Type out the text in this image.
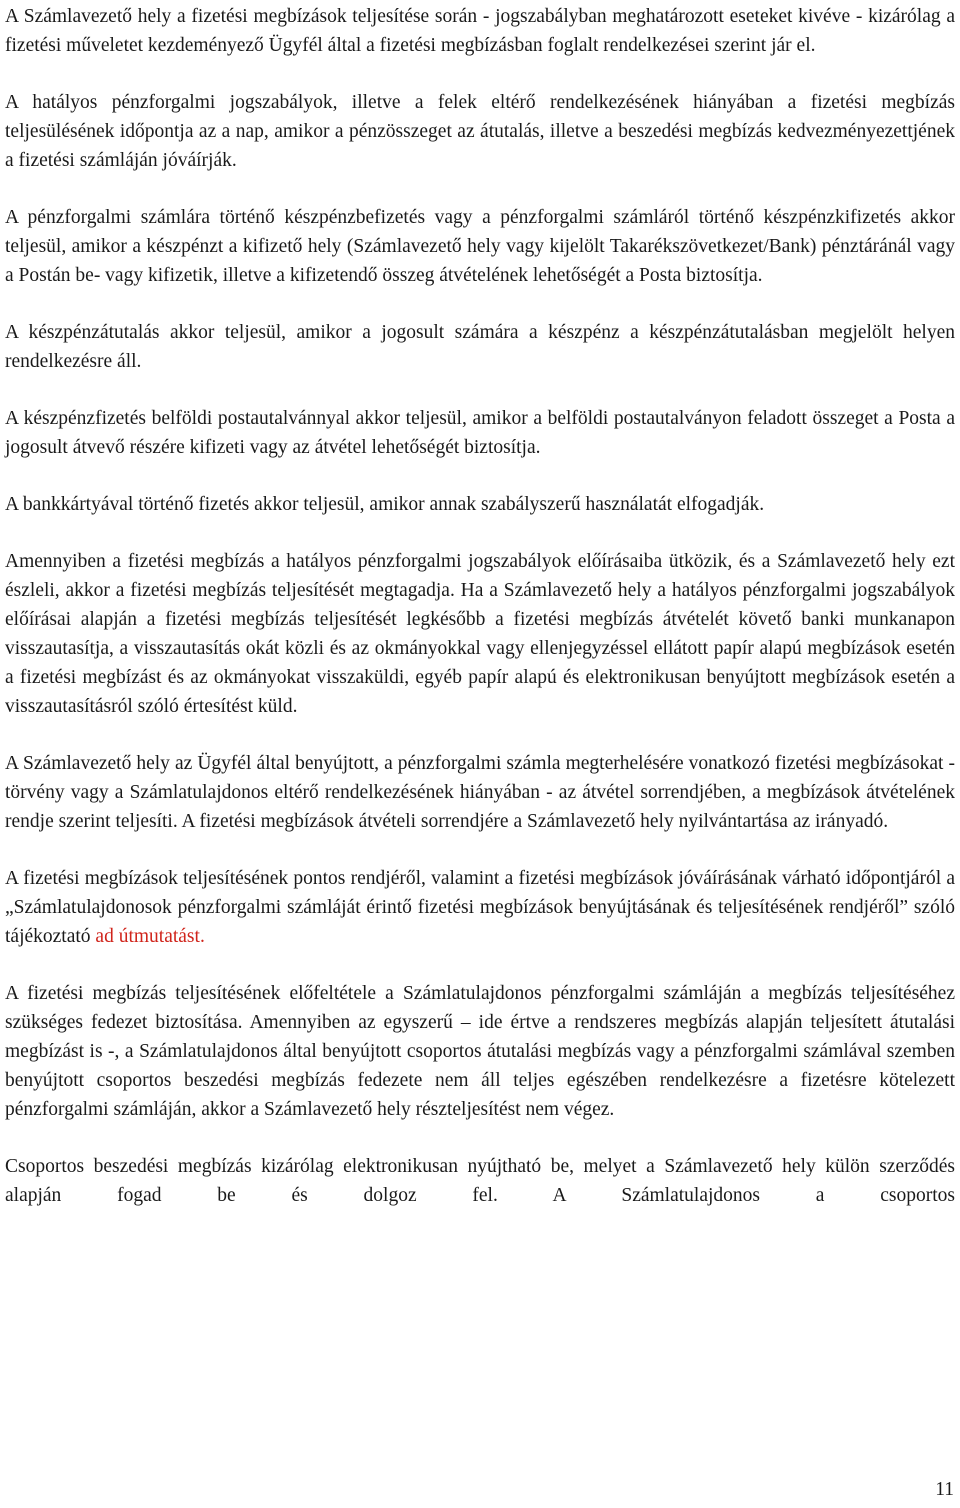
A Számlavezető hely a fizetési megbízások teljesítése során - jogszabályban meghatározott eseteket kivéve - kizárólag a fizetési műveletet kezdeményező Ügyfél által a fizetési megbízásban foglalt rendelkezései szerint jár el.

A hatályos pénzforgalmi jogszabályok, illetve a felek eltérő rendelkezésének hiányában a fizetési megbízás teljesülésének időpontja az a nap, amikor a pénzösszeget az átutalás, illetve a beszedési megbízás kedvezményezettjének a fizetési számláján jóváírják.

A pénzforgalmi számlára történő készpénzbefizetés vagy a pénzforgalmi számláról történő készpénzkifizetés akkor teljesül, amikor a készpénzt a kifizető hely (Számlavezető hely vagy kijelölt Takarékszövetkezet/Bank) pénztáránál vagy a Postán be- vagy kifizetik, illetve a kifizetendő összeg átvételének lehetőségét a Posta biztosítja.

A készpénzátutalás akkor teljesül, amikor a jogosult számára a készpénz a készpénzátutalásban megjelölt helyen rendelkezésre áll.

A készpénzfizetés belföldi postautalvánnyal akkor teljesül, amikor a belföldi postautalványon feladott összeget a Posta a jogosult átvevő részére kifizeti vagy az átvétel lehetőségét biztosítja.

A bankkártyával történő fizetés akkor teljesül, amikor annak szabályszerű használatát elfogadják.

Amennyiben a fizetési megbízás a hatályos pénzforgalmi jogszabályok előírásaiba ütközik, és a Számlavezető hely ezt észleli, akkor a fizetési megbízás teljesítését megtagadja. Ha a Számlavezető hely a hatályos pénzforgalmi jogszabályok előírásai alapján a fizetési megbízás teljesítését legkésőbb a fizetési megbízás átvételét követő banki munkanapon visszautasítja, a visszautasítás okát közli és az okmányokkal vagy ellenjegyzéssel ellátott papír alapú megbízások esetén a fizetési megbízást és az okmányokat visszaküldi, egyéb papír alapú és elektronikusan benyújtott megbízások esetén a visszautasításról szóló értesítést küld.

A Számlavezető hely az Ügyfél által benyújtott, a pénzforgalmi számla megterhelésére vonatkozó fizetési megbízásokat - törvény vagy a Számlatulajdonos eltérő rendelkezésének hiányában - az átvétel sorrendjében, a megbízások átvételének rendje szerint teljesíti. A fizetési megbízások átvételi sorrendjére a Számlavezető hely nyilvántartása az irányadó.

A fizetési megbízások teljesítésének pontos rendjéről, valamint a fizetési megbízások jóváírásának várható időpontjáról a „Számlatulajdonosok pénzforgalmi számláját érintő fizetési megbízások benyújtásának és teljesítésének rendjéről” szóló tájékoztató ad útmutatást.

A fizetési megbízás teljesítésének előfeltétele a Számlatulajdonos pénzforgalmi számláján a megbízás teljesítéséhez szükséges fedezet biztosítása. Amennyiben az egyszerű – ide értve a rendszeres megbízás alapján teljesített átutalási megbízást is -, a Számlatulajdonos által benyújtott csoportos átutalási megbízás vagy a pénzforgalmi számlával szemben benyújtott csoportos beszedési megbízás fedezete nem áll teljes egészében rendelkezésre a fizetésre kötelezett pénzforgalmi számláján, akkor a Számlavezető hely részteljesítést nem végez.

Csoportos beszedési megbízás kizárólag elektronikusan nyújtható be, melyet a Számlavezető hely külön szerződés alapján fogad be és dolgoz fel. A Számlatulajdonos a csoportos

11
